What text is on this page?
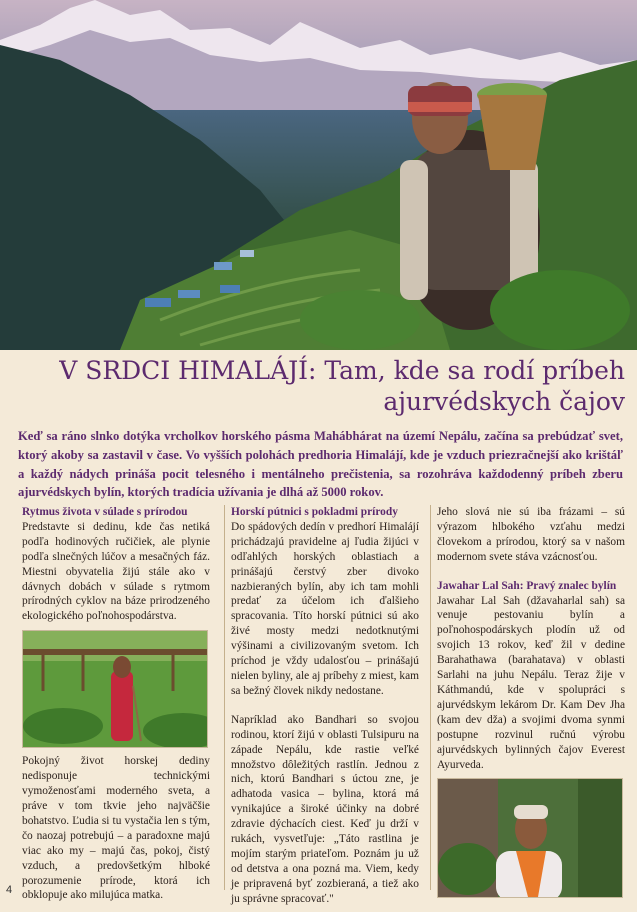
V SRDCI HIMALÁJÍ: Tam, kde sa rodí príbeh ajurvédskych čajov

Keď sa ráno slnko dotýka vrcholkov horského pásma Mahábhárat na území Nepálu, začína sa prebúdzať svet, ktorý akoby sa zastavil v čase. Vo vyšších polohách predhoria Himalájí, kde je vzduch priezračnejší ako krištáľ a každý nádych prináša pocit telesného i mentálneho prečistenia, sa rozohráva každodenný príbeh zberu ajurvédskych bylín, ktorých tradícia užívania je dlhá až 5000 rokov.

Rytmus života v súlade s prírodou

Predstavte si dedinu, kde čas netiká podľa hodinových ručičiek, ale plynie podľa slnečných lúčov a mesačných fáz. Miestni obyvatelia žijú stále ako v dávnych dobách v súlade s rytmom prírodných cyklov na báze prirodzeného ekologického poľnohospodárstva.

Pokojný život horskej dediny nedisponuje technickými vymoženosťami moderného sveta, a práve v tom tkvie jeho najväčšie bohatstvo. Ľudia si tu vystačia len s tým, čo naozaj potrebujú – a paradoxne majú viac ako my – majú čas, pokoj, čistý vzduch, a predovšetkým hlboké porozumenie prírode, ktorá ich obklopuje ako milujúca matka.

Horskí pútnici s pokladmi prírody

Do spádových dedín v predhorí Himalájí prichádzajú pravidelne aj ľudia žijúci v odľahlých horských oblastiach a prinášajú čerstvý zber divoko nazbieraných bylín, aby ich tam mohli predať za účelom ich ďalšieho spracovania. Títo horskí pútnici sú ako živé mosty medzi nedotknutými výšinami a civilizovaným svetom. Ich príchod je vždy udalosťou – prinášajú nielen byliny, ale aj príbehy z miest, kam sa bežný človek nikdy nedostane.

Napríklad ako Bandhari so svojou rodinou, ktorí žijú v oblasti Tulsipuru na západe Nepálu, kde rastie veľké množstvo dôležitých rastlín. Jednou z nich, ktorú Bandhari s úctou zne, je adhatoda vasica – bylina, ktorá má vynikajúce a široké účinky na dobré zdravie dýchacích ciest. Keď ju drží v rukách, vysvetľuje: „Táto rastlina je mojím starým priateľom. Poznám ju už od detstva a ona pozná ma. Viem, kedy je pripravená byť zozbieraná, a tiež ako ju správne spracovať."

Jeho slová nie sú iba frázami – sú výrazom hlbokého vzťahu medzi človekom a prírodou, ktorý sa v našom modernom svete stáva vzácnosťou.

Jawahar Lal Sah: Pravý znalec bylín

Jawahar Lal Sah (džavaharlal sah) sa venuje pestovaniu bylín a poľnohospodárskych plodín už od svojich 13 rokov, keď žil v dedine Barahathawa (barahatava) v oblasti Sarlahi na juhu Nepálu. Teraz žije v Káthmandú, kde v spolupráci s ajurvédskym lekárom Dr. Kam Dev Jha (kam dev dža) a svojimi dvoma synmi postupne rozvinul ručnú výrobu ajurvédskych bylinných čajov Everest Ayurveda.

4
